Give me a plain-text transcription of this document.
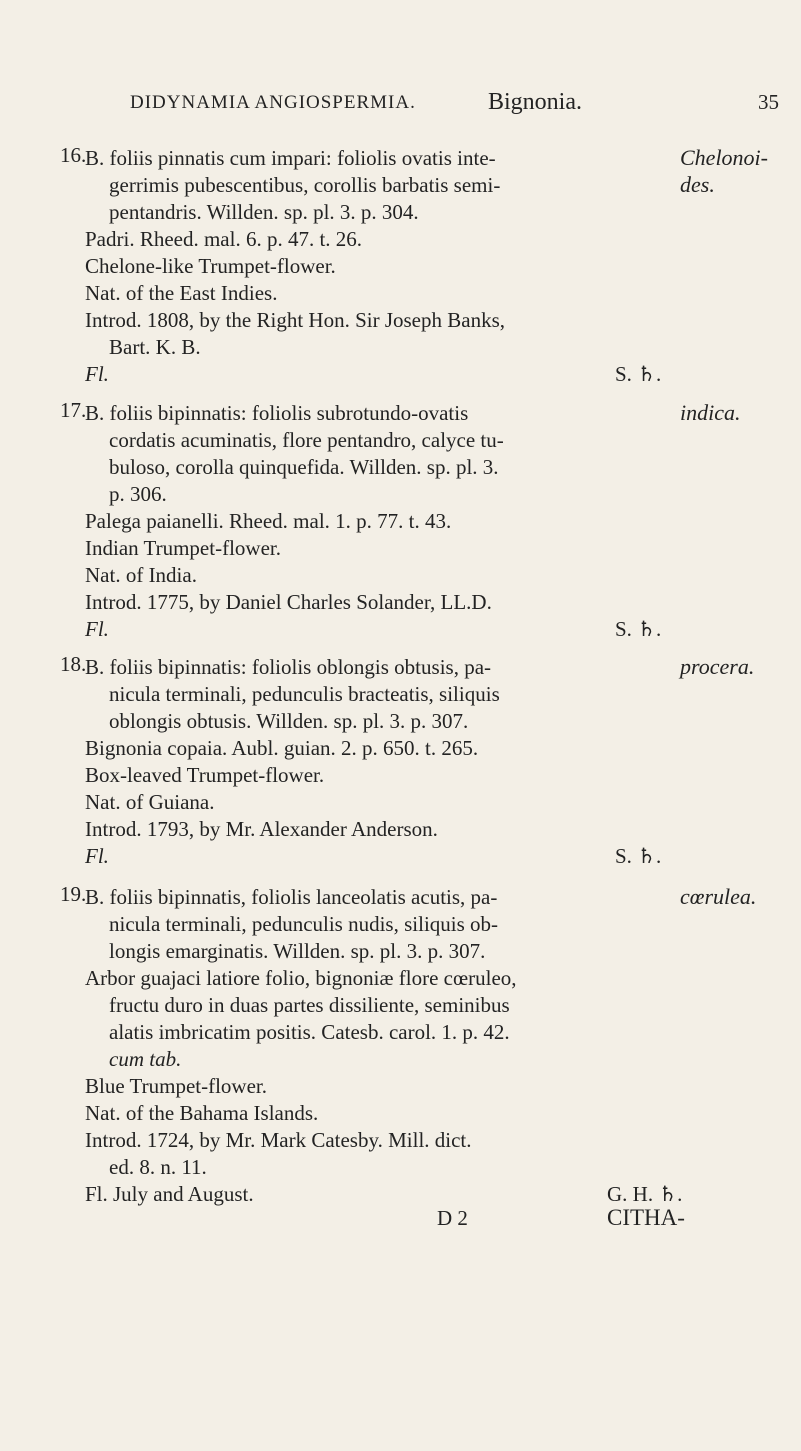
DIDYNAMIA ANGIOSPERMIA.	Bignonia.	35
16.	Chelonoi-
des.
B. foliis pinnatis cum impari: foliolis ovatis inte-
gerrimis pubescentibus, corollis barbatis semi-
pentandris. Willden. sp. pl. 3. p. 304.
Padri. Rheed. mal. 6. p. 47. t. 26.
Chelone-like Trumpet-flower.
Nat. of the East Indies.
Introd. 1808, by the Right Hon. Sir Joseph Banks,
Bart. K. B.
Fl.	S. ♄.
17.	indica.
B. foliis bipinnatis: foliolis subrotundo-ovatis
cordatis acuminatis, flore pentandro, calyce tu-
buloso, corolla quinquefida. Willden. sp. pl. 3.
p. 306.
Palega paianelli. Rheed. mal. 1. p. 77. t. 43.
Indian Trumpet-flower.
Nat. of India.
Introd. 1775, by Daniel Charles Solander, LL.D.
Fl.	S. ♄.
18.	procera.
B. foliis bipinnatis: foliolis oblongis obtusis, pa-
nicula terminali, pedunculis bracteatis, siliquis
oblongis obtusis. Willden. sp. pl. 3. p. 307.
Bignonia copaia. Aubl. guian. 2. p. 650. t. 265.
Box-leaved Trumpet-flower.
Nat. of Guiana.
Introd. 1793, by Mr. Alexander Anderson.
Fl.	S. ♄.
19.	cœrulea.
B. foliis bipinnatis, foliolis lanceolatis acutis, pa-
nicula terminali, pedunculis nudis, siliquis ob-
longis emarginatis. Willden. sp. pl. 3. p. 307.
Arbor guajaci latiore folio, bignoniæ flore cœruleo,
fructu duro in duas partes dissiliente, seminibus
alatis imbricatim positis. Catesb. carol. 1. p. 42.
cum tab.
Blue Trumpet-flower.
Nat. of the Bahama Islands.
Introd. 1724, by Mr. Mark Catesby. Mill. dict.
ed. 8. n. 11.
Fl. July and August.	G. H. ♄.
D 2	CITHA-
